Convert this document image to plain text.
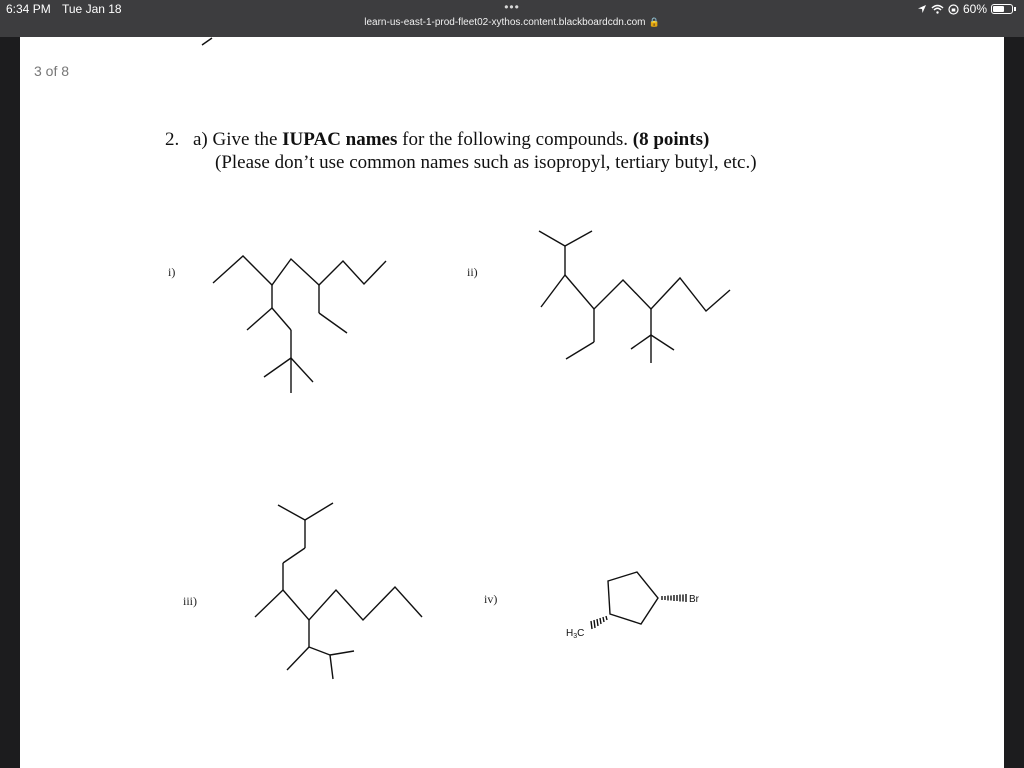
6:34 PM Tue Jan 18	•••
learn-us-east-1-prod-fleet02-xythos.content.blackboardcdn.com 🔒
60%
3 of 8
2. a) Give the IUPAC names for the following compounds. (8 points)
(Please don’t use common names such as isopropyl, tertiary butyl, etc.)
i)	ii)
iii)	iv)	Br
$H_3C$
